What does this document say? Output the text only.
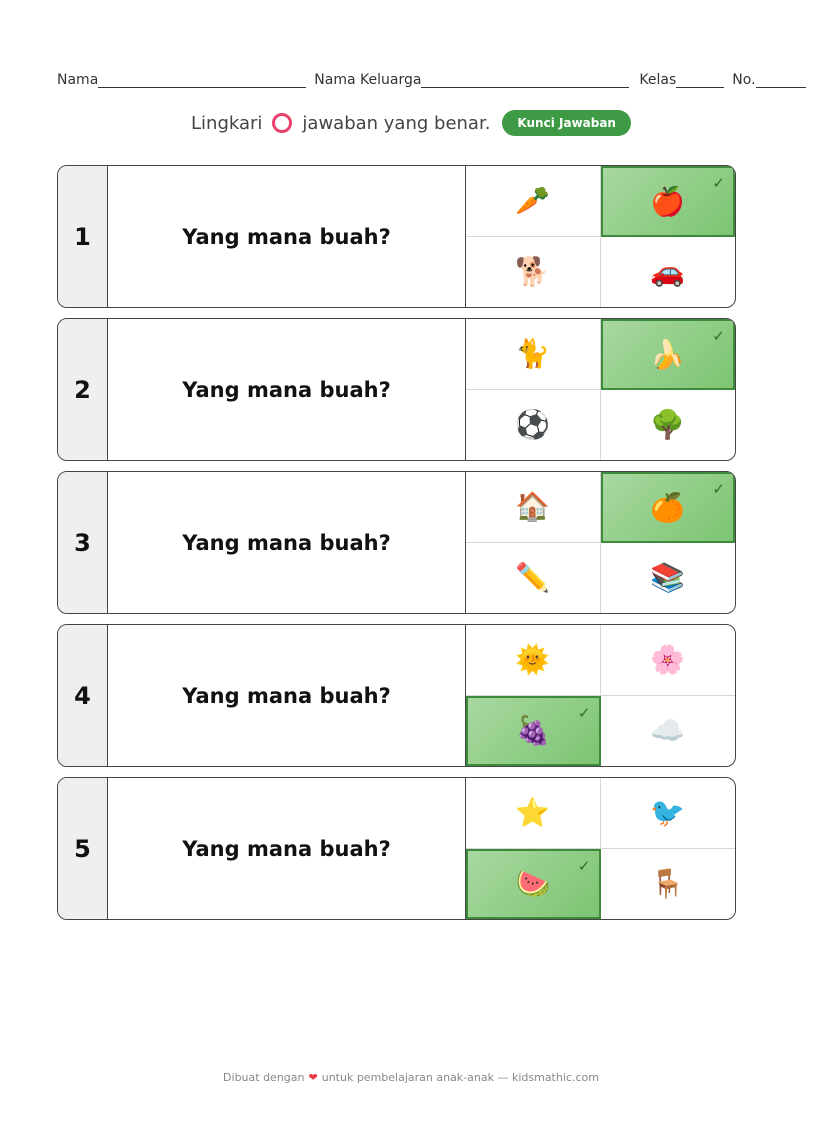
Nama	Nama Keluarga	Kelas	No.
Lingkari jawaban yang benar.	Kunci Jawaban
1	Yang mana buah?
🥕	🍎
✓
🐕	🚗
2	Yang mana buah?
🐈	🍌
✓
⚽	🌳
3	Yang mana buah?
🏠	🍊
✓
✏️	📚
4	Yang mana buah?
🌞	🌸
🍇
✓
☁️
5	Yang mana buah?
⭐	🐦
🍉
✓
🪑
Dibuat dengan ❤ untuk pembelajaran anak-anak — kidsmathic.com
